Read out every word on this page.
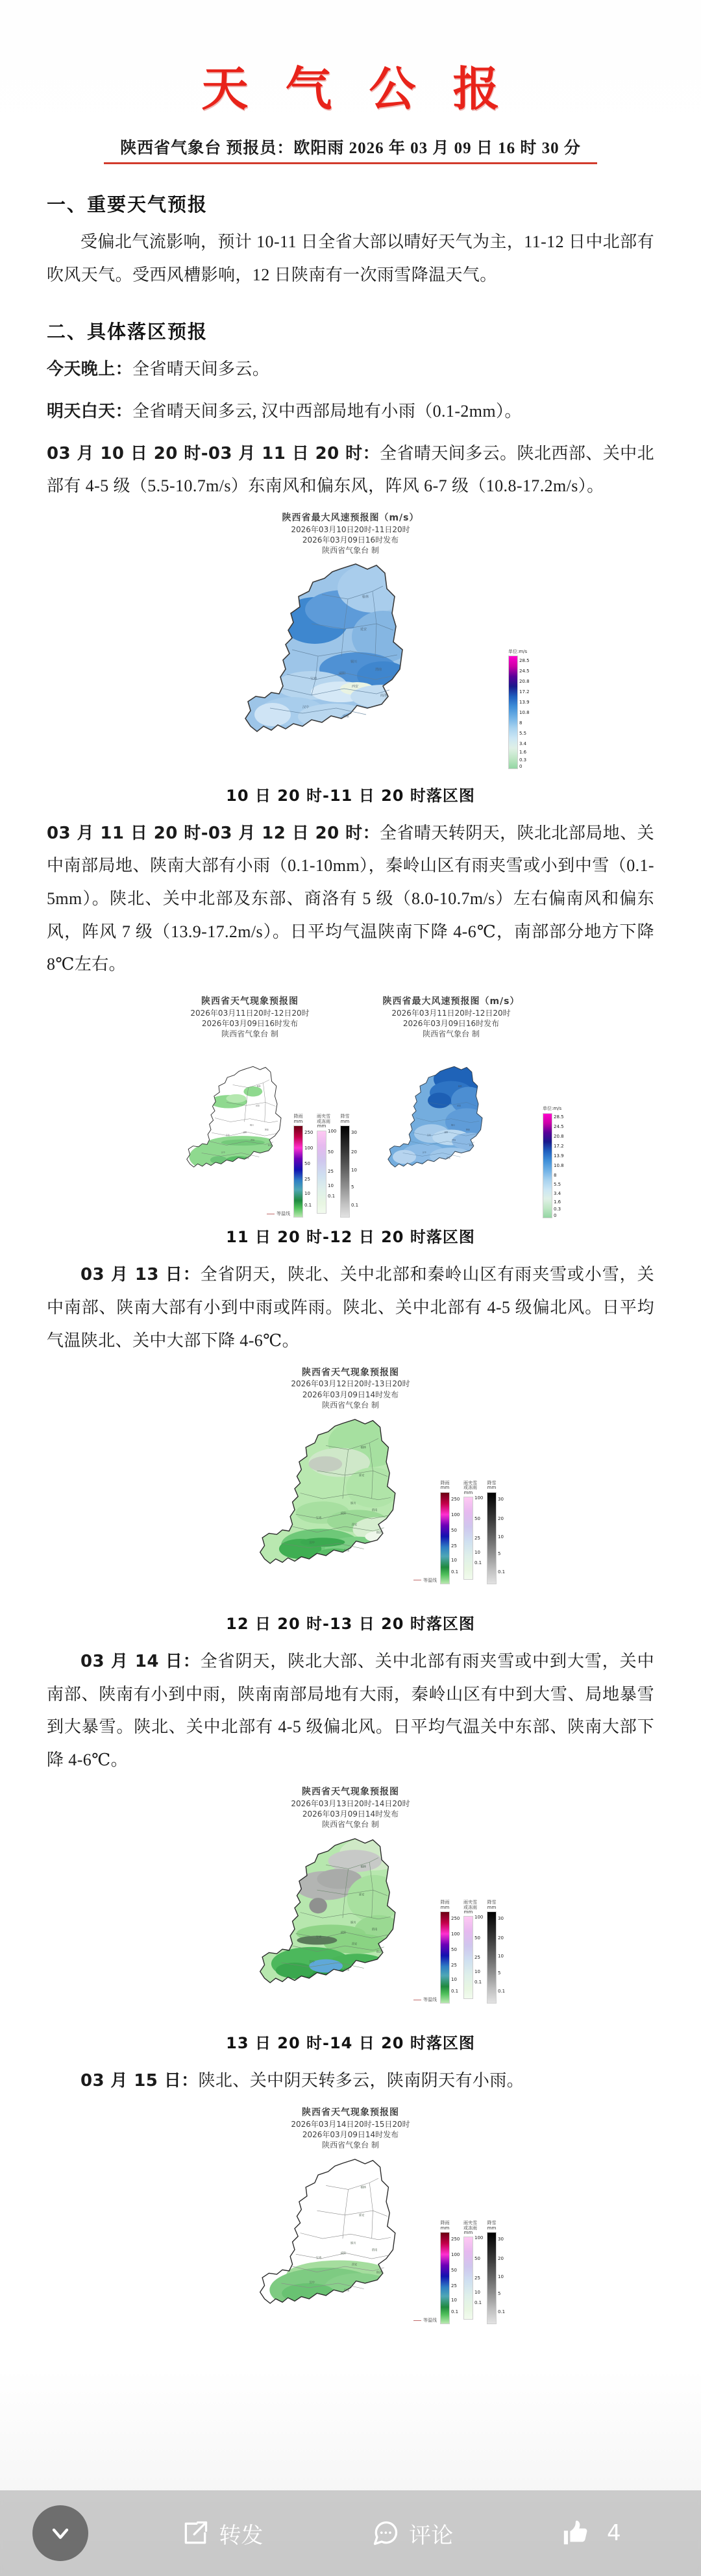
天 气 公 报
陕西省气象台 预报员：欧阳雨 2026 年 03 月 09 日 16 时 30 分
一、重要天气预报

受偏北气流影响，预计 10-11 日全省大部以晴好天气为主，11-12 日中北部有吹风天气。受西风槽影响，12 日陕南有一次雨雪降温天气。

二、具体落区预报

今天晚上：全省晴天间多云。

明天白天：全省晴天间多云, 汉中西部局地有小雨（0.1-2mm）。

03 月 10 日 20 时-03 月 11 日 20 时：全省晴天间多云。陕北西部、关中北部有 4-5 级（5.5-10.7m/s）东南风和偏东风，阵风 6-7 级（10.8-17.2m/s）。

陕西省最大风速预报图（m/s）
2026年03月10日20时-11日20时
2026年03月09日16时发布
陕西省气象台 制
榆林
延安
铜川
渭南
宝鸡
咸阳
西安
商洛
汉中
安康
单位:m/s
28.5
24.5
20.8
17.2
13.9
10.8
8
5.5
3.4
1.6
0.3
0
10 日 20 时-11 日 20 时落区图

03 月 11 日 20 时-03 月 12 日 20 时：全省晴天转阴天，陕北北部局地、关中南部局地、陕南大部有小雨（0.1-10mm），秦岭山区有雨夹雪或小到中雪（0.1-5mm）。陕北、关中北部及东部、商洛有 5 级（8.0-10.7m/s）左右偏南风和偏东风，阵风 7 级（13.9-17.2m/s）。日平均气温陕南下降 4-6℃，南部部分地方下降 8℃左右。

陕西省天气现象预报图
2026年03月11日20时-12日20时
2026年03月09日16时发布
陕西省气象台 制
榆林
延安
铜川
渭南
宝鸡
咸阳
西安
商洛
汉中
安康
等温线
降雨
mm
250
100
50
25
10
0.1
雨夹雪
或冻雨
mm
100
50
25
10
0.1
降雪
mm
30
20
10
5
0.1
陕西省最大风速预报图（m/s）
2026年03月11日20时-12日20时
2026年03月09日16时发布
陕西省气象台 制
榆林
延安
铜川
渭南
宝鸡
咸阳
西安
商洛
汉中
安康
单位:m/s
28.5
24.5
20.8
17.2
13.9
10.8
8
5.5
3.4
1.6
0.3
0
11 日 20 时-12 日 20 时落区图

03 月 13 日：全省阴天，陕北、关中北部和秦岭山区有雨夹雪或小雪，关中南部、陕南大部有小到中雨或阵雨。陕北、关中北部有 4-5 级偏北风。日平均气温陕北、关中大部下降 4-6℃。

陕西省天气现象预报图
2026年03月12日20时-13日20时
2026年03月09日14时发布
陕西省气象台 制
榆林
延安
铜川
渭南
宝鸡
咸阳
西安
商洛
汉中
安康
等温线
降雨
mm
250
100
50
25
10
0.1
雨夹雪
或冻雨
mm
100
50
25
10
0.1
降雪
mm
30
20
10
5
0.1
12 日 20 时-13 日 20 时落区图

03 月 14 日：全省阴天，陕北大部、关中北部有雨夹雪或中到大雪，关中南部、陕南有小到中雨，陕南南部局地有大雨，秦岭山区有中到大雪、局地暴雪到大暴雪。陕北、关中北部有 4-5 级偏北风。日平均气温关中东部、陕南大部下降 4-6℃。

陕西省天气现象预报图
2026年03月13日20时-14日20时
2026年03月09日14时发布
陕西省气象台 制
榆林
延安
铜川
渭南
宝鸡
咸阳
西安
商洛
汉中
安康
等温线
降雨
mm
250
100
50
25
10
0.1
雨夹雪
或冻雨
mm
100
50
25
10
0.1
降雪
mm
30
20
10
5
0.1
13 日 20 时-14 日 20 时落区图

03 月 15 日：陕北、关中阴天转多云，陕南阴天有小雨。

陕西省天气现象预报图
2026年03月14日20时-15日20时
2026年03月09日14时发布
陕西省气象台 制
榆林
延安
铜川
渭南
宝鸡
咸阳
西安
商洛
汉中
安康
等温线
降雨
mm
250
100
50
25
10
0.1
雨夹雪
或冻雨
mm
100
50
25
10
0.1
降雪
mm
30
20
10
5
0.1
转发	评论	4
